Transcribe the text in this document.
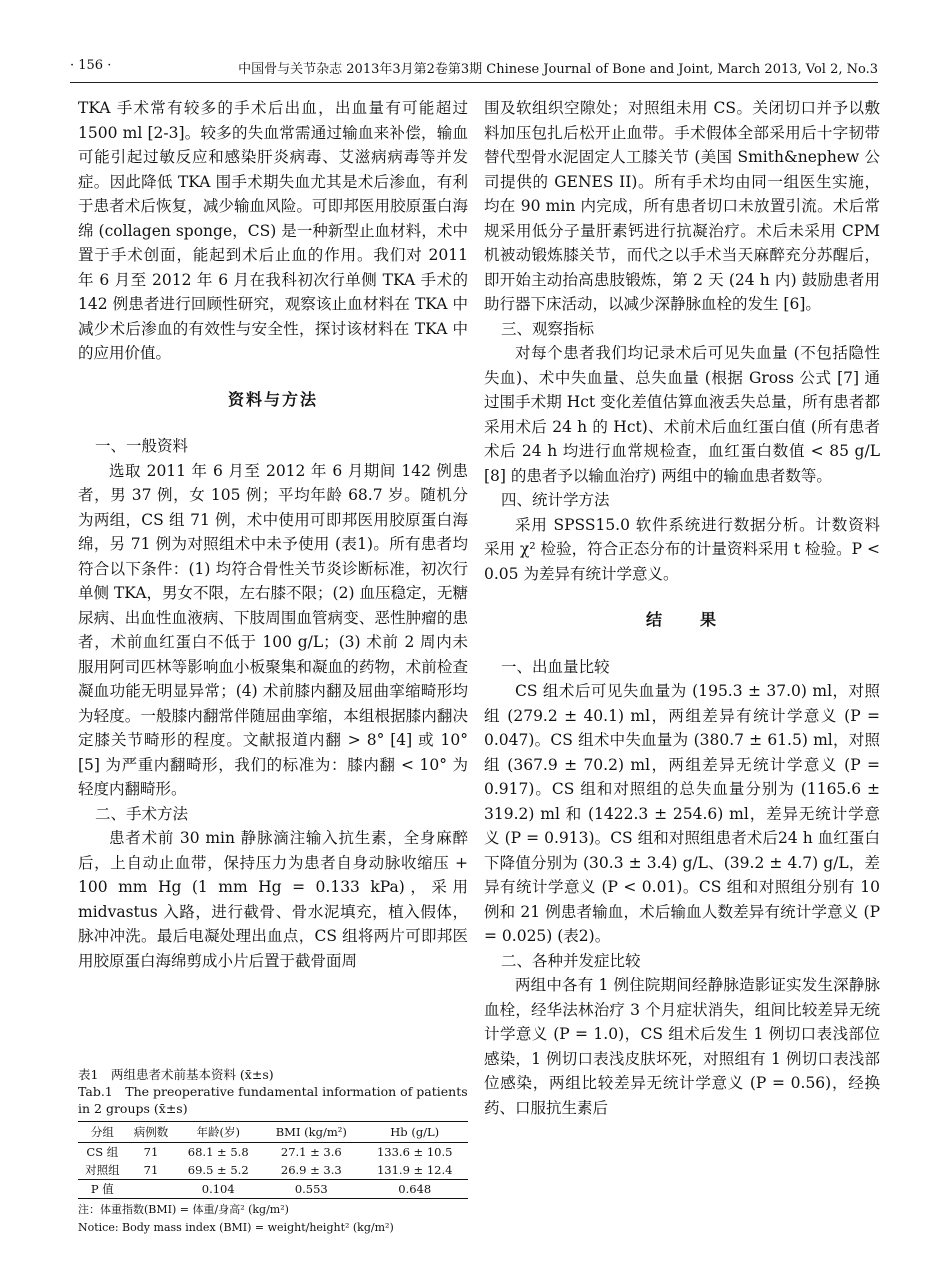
· 156 ·	中国骨与关节杂志 2013年3月第2卷第3期 Chinese Journal of Bone and Joint, March 2013, Vol 2, No.3

TKA 手术常有较多的手术后出血，出血量有可能超过 1500 ml [2-3]。较多的失血常需通过输血来补偿，输血可能引起过敏反应和感染肝炎病毒、艾滋病病毒等并发症。因此降低 TKA 围手术期失血尤其是术后渗血，有利于患者术后恢复，减少输血风险。可即邦医用胶原蛋白海绵 (collagen sponge，CS) 是一种新型止血材料，术中置于手术创面，能起到术后止血的作用。我们对 2011 年 6 月至 2012 年 6 月在我科初次行单侧 TKA 手术的 142 例患者进行回顾性研究，观察该止血材料在 TKA 中减少术后渗血的有效性与安全性，探讨该材料在 TKA 中的应用价值。

资料与方法
一、一般资料

选取 2011 年 6 月至 2012 年 6 月期间 142 例患者，男 37 例，女 105 例；平均年龄 68.7 岁。随机分为两组，CS 组 71 例，术中使用可即邦医用胶原蛋白海绵，另 71 例为对照组术中未予使用 (表1)。所有患者均符合以下条件：(1) 均符合骨性关节炎诊断标准，初次行单侧 TKA，男女不限，左右膝不限；(2) 血压稳定，无糖尿病、出血性血液病、下肢周围血管病变、恶性肿瘤的患者，术前血红蛋白不低于 100 g/L；(3) 术前 2 周内未服用阿司匹林等影响血小板聚集和凝血的药物，术前检查凝血功能无明显异常；(4) 术前膝内翻及屈曲挛缩畸形均为轻度。一般膝内翻常伴随屈曲挛缩，本组根据膝内翻决定膝关节畸形的程度。文献报道内翻 > 8° [4] 或 10° [5] 为严重内翻畸形，我们的标准为：膝内翻 < 10° 为轻度内翻畸形。

二、手术方法

患者术前 30 min 静脉滴注输入抗生素，全身麻醉后，上自动止血带，保持压力为患者自身动脉收缩压 + 100 mm Hg (1 mm Hg = 0.133 kPa)，采用 midvastus 入路，进行截骨、骨水泥填充，植入假体，脉冲冲洗。最后电凝处理出血点，CS 组将两片可即邦医用胶原蛋白海绵剪成小片后置于截骨面周

表1　两组患者术前基本资料 (x̄±s)

Tab.1　The preoperative fundamental information of patients in 2 groups (x̄±s)

分组	病例数	年龄(岁)	BMI (kg/m²)	Hb (g/L)
CS 组	71	68.1 ± 5.8	27.1 ± 3.6	133.6 ± 10.5
对照组	71	69.5 ± 5.2	26.9 ± 3.3	131.9 ± 12.4
P 值		0.104	0.553	0.648

注：体重指数(BMI) = 体重/身高² (kg/m²)

Notice: Body mass index (BMI) = weight/height² (kg/m²)

围及软组织空隙处；对照组未用 CS。关闭切口并予以敷料加压包扎后松开止血带。手术假体全部采用后十字韧带替代型骨水泥固定人工膝关节 (美国 Smith&nephew 公司提供的 GENES II)。所有手术均由同一组医生实施，均在 90 min 内完成，所有患者切口未放置引流。术后常规采用低分子量肝素钙进行抗凝治疗。术后未采用 CPM 机被动锻炼膝关节，而代之以手术当天麻醉充分苏醒后，即开始主动抬高患肢锻炼，第 2 天 (24 h 内) 鼓励患者用助行器下床活动，以减少深静脉血栓的发生 [6]。

三、观察指标

对每个患者我们均记录术后可见失血量 (不包括隐性失血)、术中失血量、总失血量 (根据 Gross 公式 [7] 通过围手术期 Hct 变化差值估算血液丢失总量，所有患者都采用术后 24 h 的 Hct)、术前术后血红蛋白值 (所有患者术后 24 h 均进行血常规检查，血红蛋白数值 < 85 g/L [8] 的患者予以输血治疗) 两组中的输血患者数等。

四、统计学方法

采用 SPSS15.0 软件系统进行数据分析。计数资料采用 χ² 检验，符合正态分布的计量资料采用 t 检验。P < 0.05 为差异有统计学意义。

结　　果
一、出血量比较

CS 组术后可见失血量为 (195.3 ± 37.0) ml，对照组 (279.2 ± 40.1) ml，两组差异有统计学意义 (P = 0.047)。CS 组术中失血量为 (380.7 ± 61.5) ml，对照组 (367.9 ± 70.2) ml，两组差异无统计学意义 (P = 0.917)。CS 组和对照组的总失血量分别为 (1165.6 ± 319.2) ml 和 (1422.3 ± 254.6) ml，差异无统计学意义 (P = 0.913)。CS 组和对照组患者术后24 h 血红蛋白下降值分别为 (30.3 ± 3.4) g/L、(39.2 ± 4.7) g/L，差异有统计学意义 (P < 0.01)。CS 组和对照组分别有 10 例和 21 例患者输血，术后输血人数差异有统计学意义 (P = 0.025) (表2)。

二、各种并发症比较

两组中各有 1 例住院期间经静脉造影证实发生深静脉血栓，经华法林治疗 3 个月症状消失，组间比较差异无统计学意义 (P = 1.0)，CS 组术后发生 1 例切口表浅部位感染，1 例切口表浅皮肤坏死，对照组有 1 例切口表浅部位感染，两组比较差异无统计学意义 (P = 0.56)，经换药、口服抗生素后
